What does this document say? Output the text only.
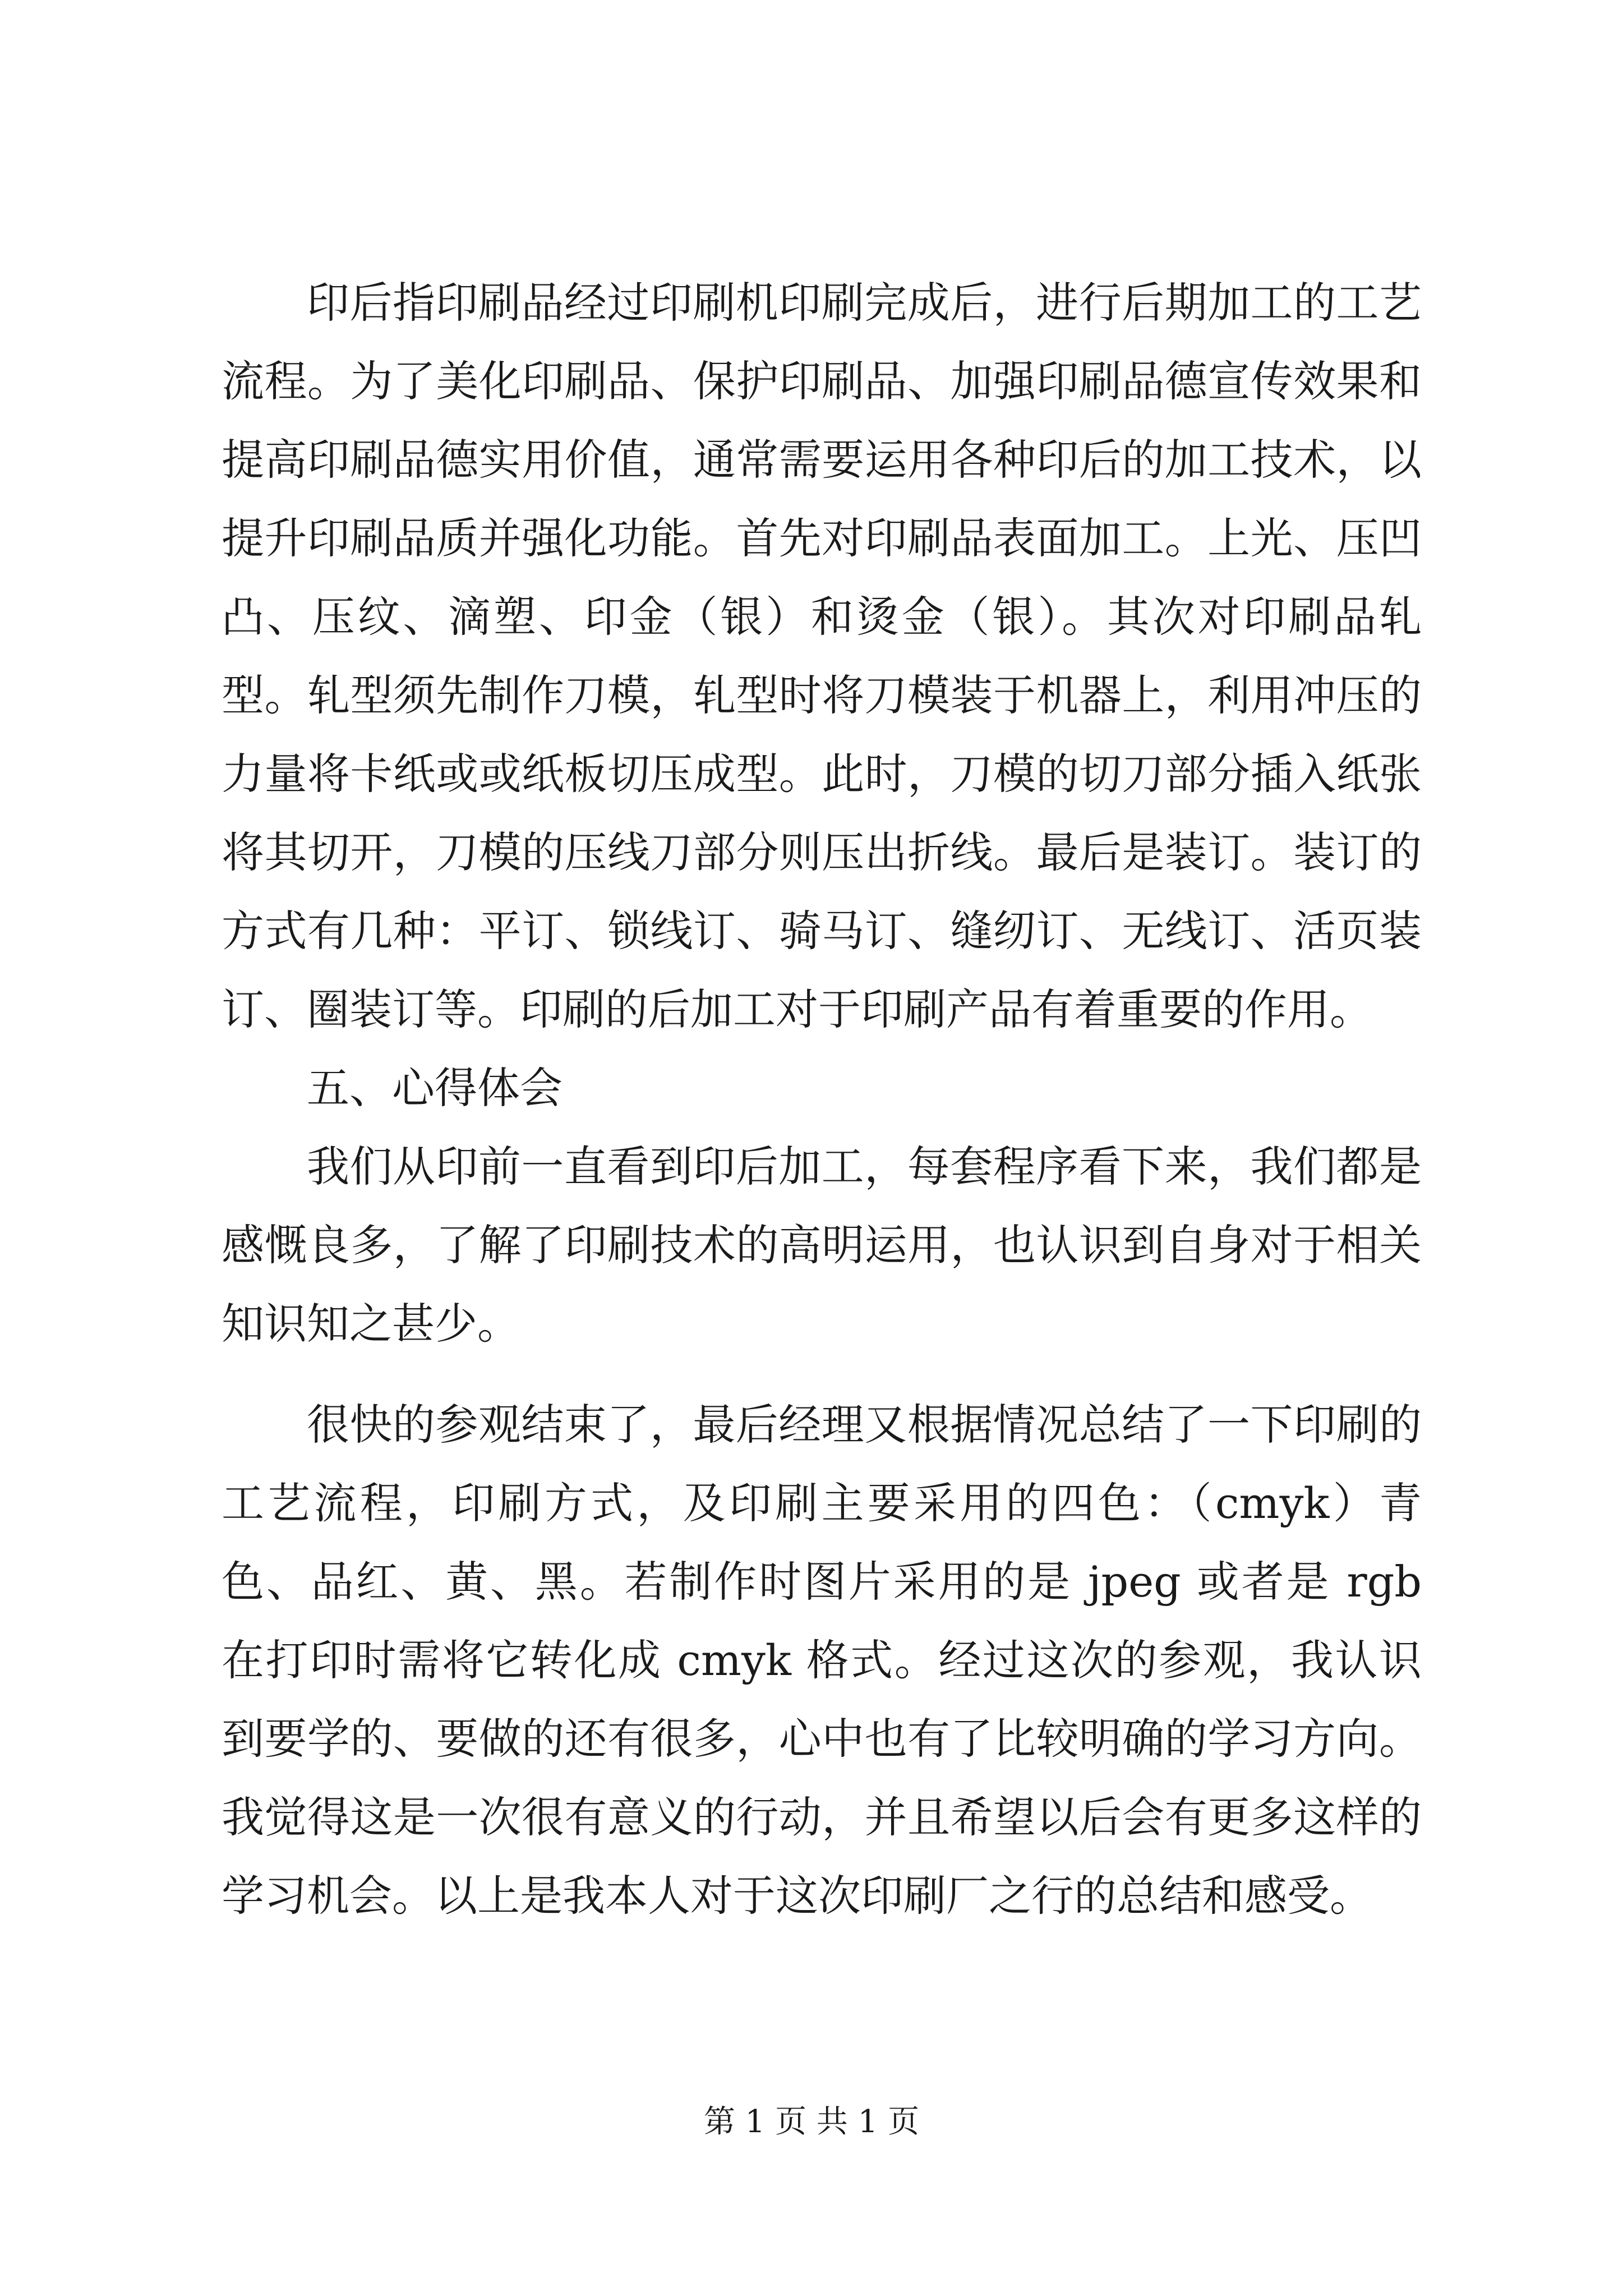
印后指印刷品经过印刷机印刷完成后，进行后期加工的工艺流程。为了美化印刷品、保护印刷品、加强印刷品德宣传效果和提高印刷品德实用价值，通常需要运用各种印后的加工技术，以提升印刷品质并强化功能。首先对印刷品表面加工。上光、压凹凸、压纹、滴塑、印金（银）和烫金（银）。其次对印刷品轧型。轧型须先制作刀模，轧型时将刀模装于机器上，利用冲压的力量将卡纸或或纸板切压成型。此时，刀模的切刀部分插入纸张将其切开，刀模的压线刀部分则压出折线。最后是装订。装订的方式有几种：平订、锁线订、骑马订、缝纫订、无线订、活页装订、圈装订等。印刷的后加工对于印刷产品有着重要的作用。

五、心得体会

我们从印前一直看到印后加工，每套程序看下来，我们都是感慨良多，了解了印刷技术的高明运用，也认识到自身对于相关知识知之甚少。

很快的参观结束了，最后经理又根据情况总结了一下印刷的工艺流程，印刷方式，及印刷主要采用的四色：（cmyk）青色、品红、黄、黑。若制作时图片采用的是 jpeg 或者是 rgb 在打印时需将它转化成 cmyk 格式。经过这次的参观，我认识到要学的、要做的还有很多，心中也有了比较明确的学习方向。我觉得这是一次很有意义的行动，并且希望以后会有更多这样的学习机会。以上是我本人对于这次印刷厂之行的总结和感受。

第 1 页 共 1 页
